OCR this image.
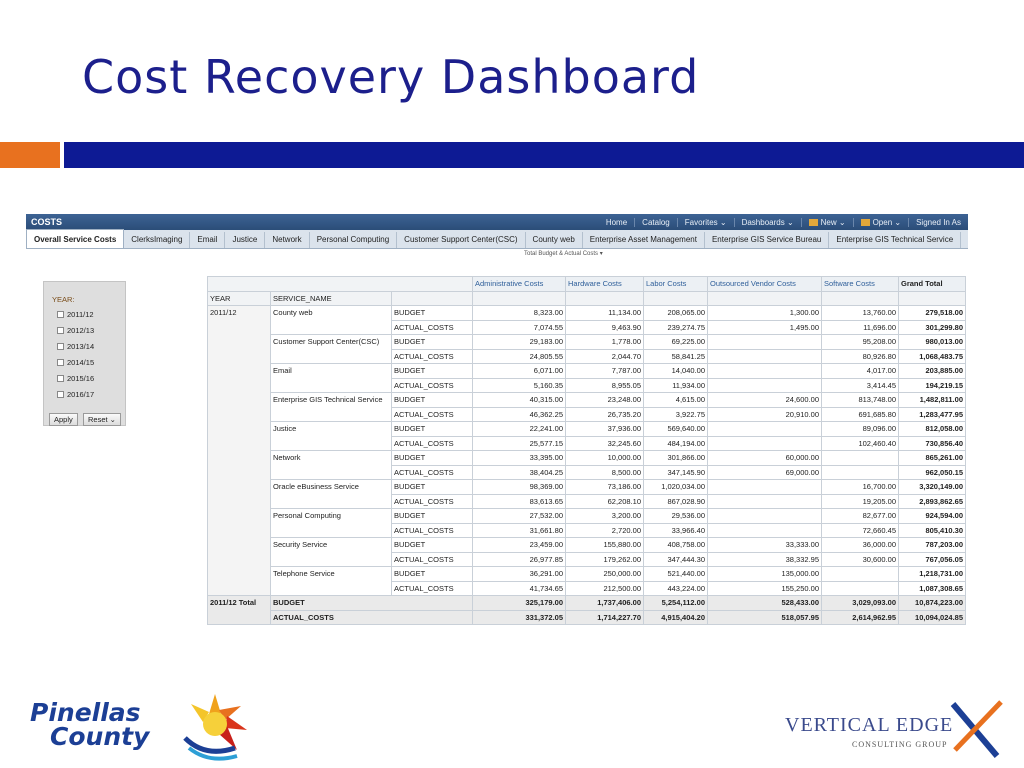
Cost Recovery Dashboard
COSTS	Home	Catalog	Favorites ⌄	Dashboards ⌄	New ⌄	Open ⌄	Signed In As
Overall Service Costs	ClerksImaging	Email	Justice	Network	Personal Computing	Customer Support Center(CSC)	County web	Enterprise Asset Management	Enterprise GIS Service Bureau	Enterprise GIS Technical Service
Total Budget & Actual Costs ▾
YEAR:
2011/12
2012/13
2013/14
2014/15
2015/16
2016/17
Apply	Reset ⌄
			Administrative Costs	Hardware Costs	Labor Costs	Outsourced Vendor Costs	Software Costs	Grand Total
YEAR	SERVICE_NAME							
2011/12	County web	BUDGET	8,323.00	11,134.00	208,065.00	1,300.00	13,760.00	279,518.00
		ACTUAL_COSTS	7,074.55	9,463.90	239,274.75	1,495.00	11,696.00	301,299.80
	Customer Support Center(CSC)	BUDGET	29,183.00	1,778.00	69,225.00		95,208.00	980,013.00
		ACTUAL_COSTS	24,805.55	2,044.70	58,841.25		80,926.80	1,068,483.75
	Email	BUDGET	6,071.00	7,787.00	14,040.00		4,017.00	203,885.00
		ACTUAL_COSTS	5,160.35	8,955.05	11,934.00		3,414.45	194,219.15
	Enterprise GIS Technical Service	BUDGET	40,315.00	23,248.00	4,615.00	24,600.00	813,748.00	1,482,811.00
		ACTUAL_COSTS	46,362.25	26,735.20	3,922.75	20,910.00	691,685.80	1,283,477.95
	Justice	BUDGET	22,241.00	37,936.00	569,640.00		89,096.00	812,058.00
		ACTUAL_COSTS	25,577.15	32,245.60	484,194.00		102,460.40	730,856.40
	Network	BUDGET	33,395.00	10,000.00	301,866.00	60,000.00		865,261.00
		ACTUAL_COSTS	38,404.25	8,500.00	347,145.90	69,000.00		962,050.15
	Oracle eBusiness Service	BUDGET	98,369.00	73,186.00	1,020,034.00		16,700.00	3,320,149.00
		ACTUAL_COSTS	83,613.65	62,208.10	867,028.90		19,205.00	2,893,862.65
	Personal Computing	BUDGET	27,532.00	3,200.00	29,536.00		82,677.00	924,594.00
		ACTUAL_COSTS	31,661.80	2,720.00	33,966.40		72,660.45	805,410.30
	Security Service	BUDGET	23,459.00	155,880.00	408,758.00	33,333.00	36,000.00	787,203.00
		ACTUAL_COSTS	26,977.85	179,262.00	347,444.30	38,332.95	30,600.00	767,056.05
	Telephone Service	BUDGET	36,291.00	250,000.00	521,440.00	135,000.00		1,218,731.00
		ACTUAL_COSTS	41,734.65	212,500.00	443,224.00	155,250.00		1,087,308.65
2011/12 Total	BUDGET		325,179.00	1,737,406.00	5,254,112.00	528,433.00	3,029,093.00	10,874,223.00
	ACTUAL_COSTS		331,372.05	1,714,227.70	4,915,404.20	518,057.95	2,614,962.95	10,094,024.85
Pinellas
County	VERTICAL EDGE
CONSULTING GROUP
